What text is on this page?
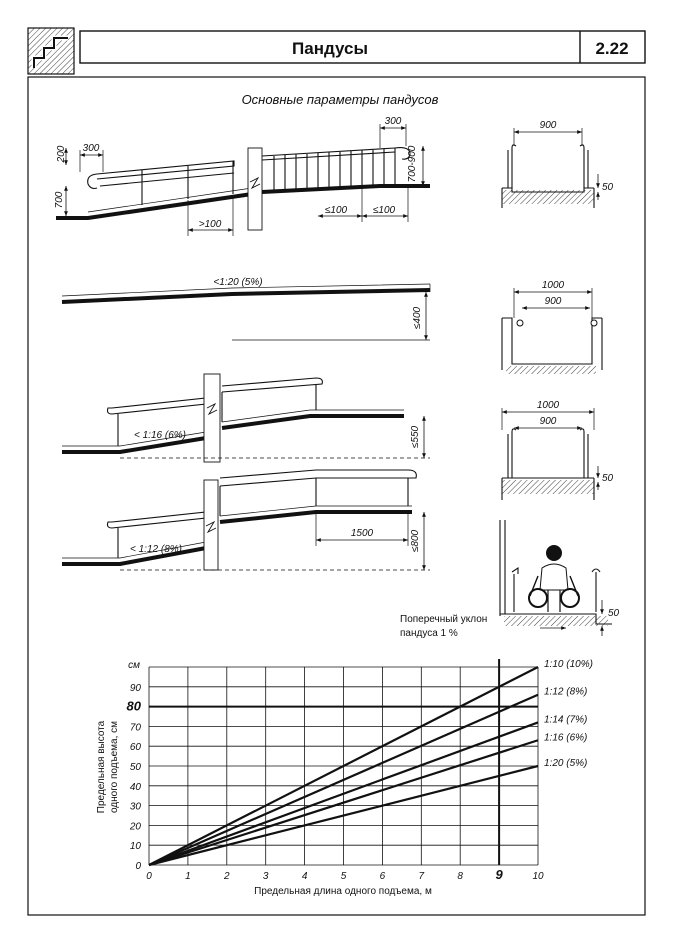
Пандусы	2.22
Основные параметры пандусов
200
700
300
300
700-900
>100
≤100	≤100
900
50
<1:20 (5%)
≤400
1000
900
< 1:16 (6%)	≤550
1000
900
50
< 1:12 (8%)
1500	≤800
50
Поперечный уклон
пандуса 1 %
0	1	2	3	4	5	6	7	8	9	10
0
10
20
30
40
50
60
70
80
90
1:10 (10%)
1:12 (8%)
1:14 (7%)
1:16 (6%)
1:20 (5%)
см
Предельная высота одного подъема, см
Предельная длина одного подъема, м
